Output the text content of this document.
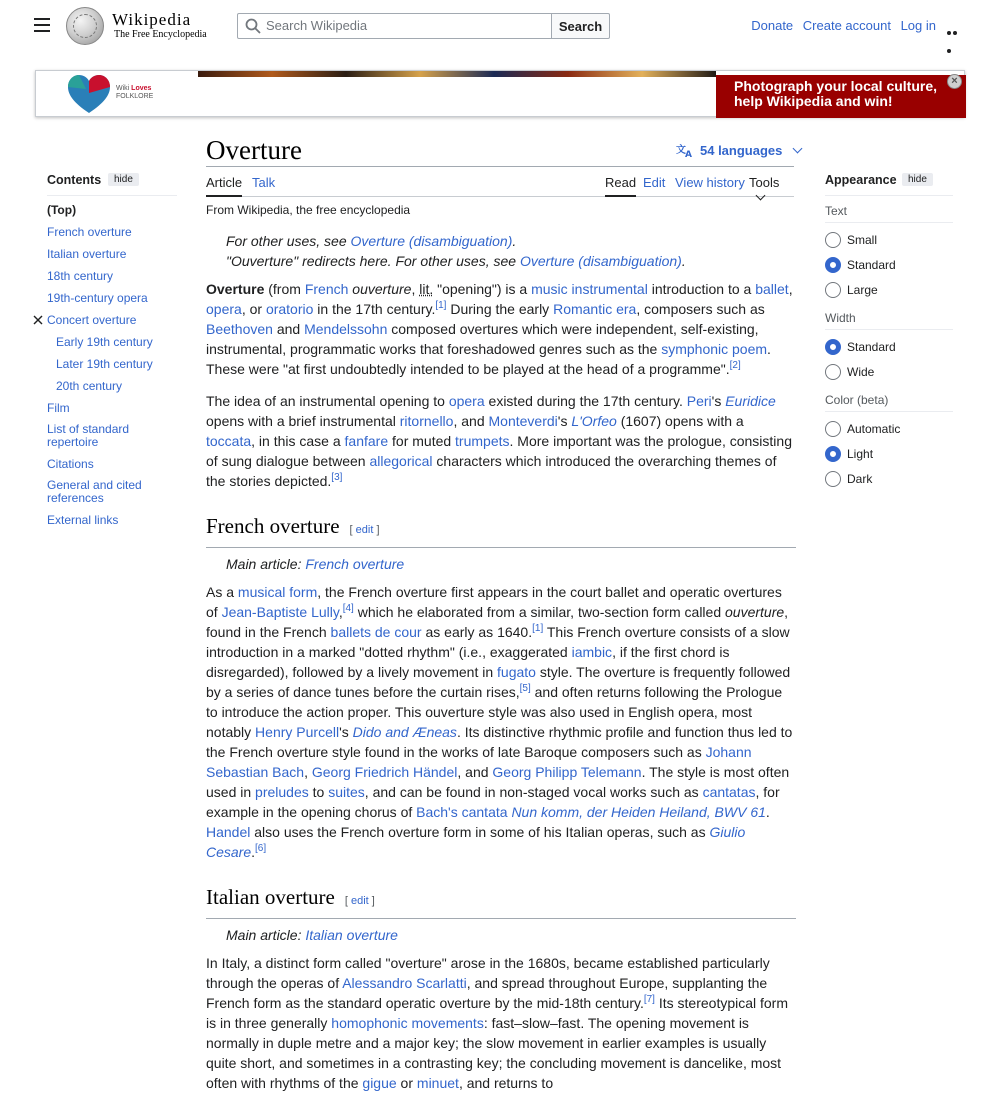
Wikipedia
The Free Encyclopedia
Search Wikipedia	Search	Donate Create account Log in
Wiki Loves
FOLKLORE
Photograph your local culture, help Wikipedia and win!
×
Overture	文 A 54 languages
Article Talk	Read Edit View history Tools
From Wikipedia, the free encyclopedia
For other uses, see Overture (disambiguation).
"Ouverture" redirects here. For other uses, see Overture (disambiguation).

Overture (from French ouverture, lit. "opening") is a music instrumental introduction to a ballet, opera, or oratorio in the 17th century.[1] During the early Romantic era, composers such as Beethoven and Mendelssohn composed overtures which were independent, self-existing, instrumental, programmatic works that foreshadowed genres such as the symphonic poem. These were "at first undoubtedly intended to be played at the head of a programme".[2]

The idea of an instrumental opening to opera existed during the 17th century. Peri's Euridice opens with a brief instrumental ritornello, and Monteverdi's L'Orfeo (1607) opens with a toccata, in this case a fanfare for muted trumpets. More important was the prologue, consisting of sung dialogue between allegorical characters which introduced the overarching themes of the stories depicted.[3]

French overture [ edit ]
Main article: French overture

As a musical form, the French overture first appears in the court ballet and operatic overtures of Jean-Baptiste Lully,[4] which he elaborated from a similar, two-section form called ouverture, found in the French ballets de cour as early as 1640.[1] This French overture consists of a slow introduction in a marked "dotted rhythm" (i.e., exaggerated iambic, if the first chord is disregarded), followed by a lively movement in fugato style. The overture is frequently followed by a series of dance tunes before the curtain rises,[5] and often returns following the Prologue to introduce the action proper. This ouverture style was also used in English opera, most notably Henry Purcell's Dido and Æneas. Its distinctive rhythmic profile and function thus led to the French overture style found in the works of late Baroque composers such as Johann Sebastian Bach, Georg Friedrich Händel, and Georg Philipp Telemann. The style is most often used in preludes to suites, and can be found in non-staged vocal works such as cantatas, for example in the opening chorus of Bach's cantata Nun komm, der Heiden Heiland, BWV 61. Handel also uses the French overture form in some of his Italian operas, such as Giulio Cesare.[6]

Italian overture [ edit ]
Main article: Italian overture

In Italy, a distinct form called "overture" arose in the 1680s, became established particularly through the operas of Alessandro Scarlatti, and spread throughout Europe, supplanting the French form as the standard operatic overture by the mid-18th century.[7] Its stereotypical form is in three generally homophonic movements: fast–slow–fast. The opening movement is normally in duple metre and a major key; the slow movement in earlier examples is usually quite short, and sometimes in a contrasting key; the concluding movement is dancelike, most often with rhythms of the gigue or minuet, and returns to

Contents	hide
(Top)
French overture
Italian overture
18th century
19th-century opera
Concert overture
Early 19th century
Later 19th century
20th century
Film
List of standard repertoire
Citations
General and cited references
External links
Appearance	hide
Text
Small
Standard
Large
Width
Standard
Wide
Color (beta)
Automatic
Light
Dark
